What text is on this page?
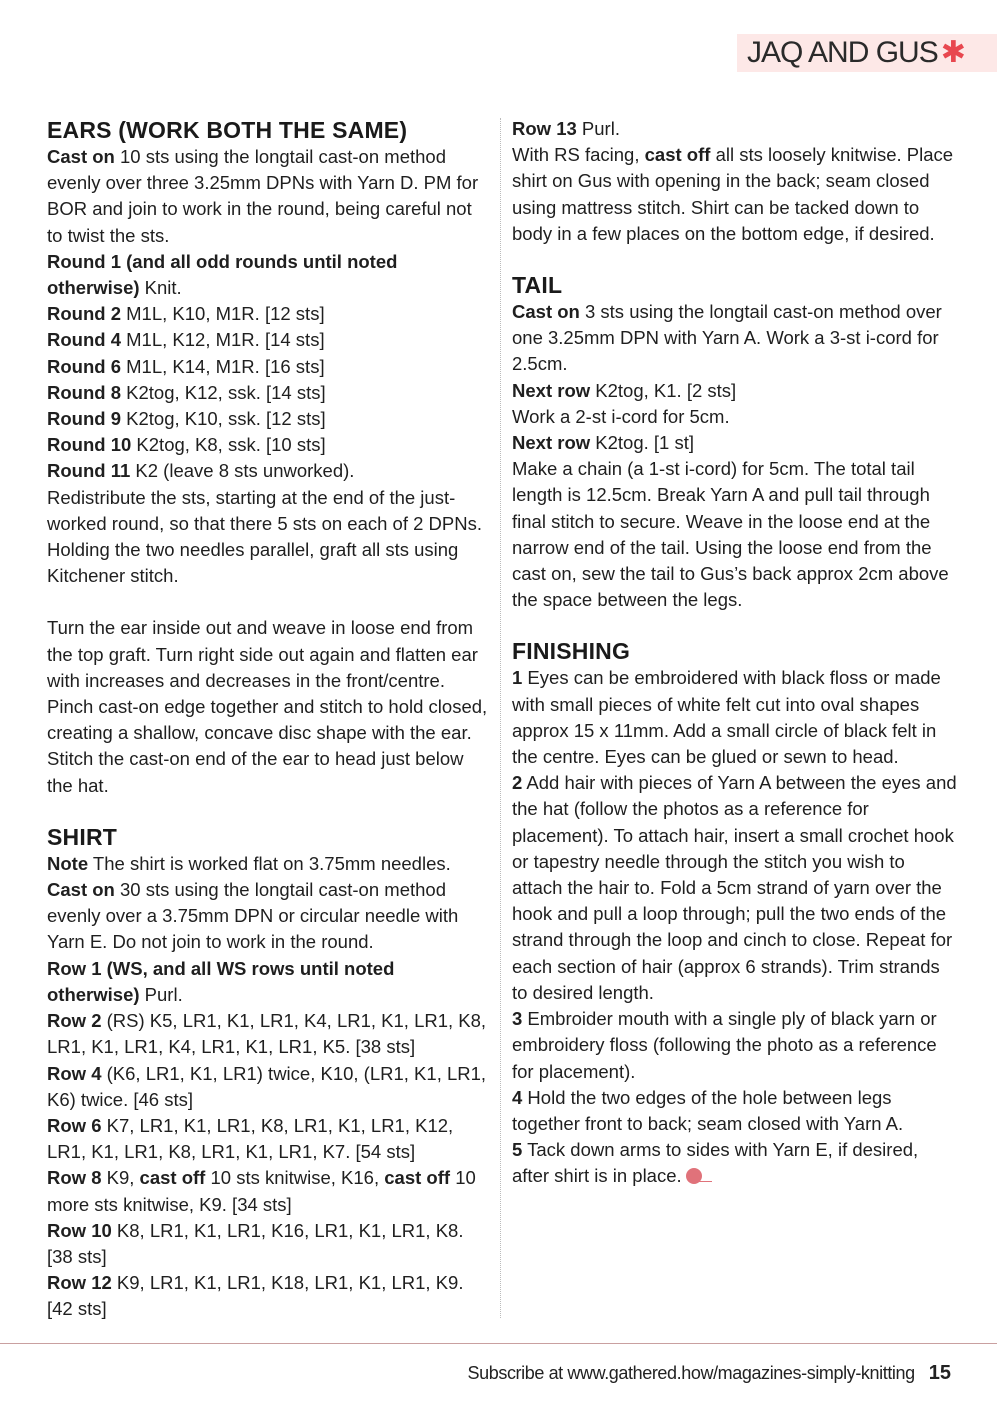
JAQ AND GUS ✱
EARS (WORK BOTH THE SAME)

Cast on 10 sts using the longtail cast-on method evenly over three 3.25mm DPNs with Yarn D. PM for BOR and join to work in the round, being careful not to twist the sts.

Round 1 (and all odd rounds until noted otherwise) Knit.

Round 2 M1L, K10, M1R. [12 sts]

Round 4 M1L, K12, M1R. [14 sts]

Round 6 M1L, K14, M1R. [16 sts]

Round 8 K2tog, K12, ssk. [14 sts]

Round 9 K2tog, K10, ssk. [12 sts]

Round 10 K2tog, K8, ssk. [10 sts]

Round 11 K2 (leave 8 sts unworked).

Redistribute the sts, starting at the end of the just-worked round, so that there 5 sts on each of 2 DPNs. Holding the two needles parallel, graft all sts using Kitchener stitch.

Turn the ear inside out and weave in loose end from the top graft. Turn right side out again and flatten ear with increases and decreases in the front/centre. Pinch cast-on edge together and stitch to hold closed, creating a shallow, concave disc shape with the ear. Stitch the cast-on end of the ear to head just below the hat.

SHIRT

Note The shirt is worked flat on 3.75mm needles.

Cast on 30 sts using the longtail cast-on method evenly over a 3.75mm DPN or circular needle with Yarn E. Do not join to work in the round.

Row 1 (WS, and all WS rows until noted otherwise) Purl.

Row 2 (RS) K5, LR1, K1, LR1, K4, LR1, K1, LR1, K8, LR1, K1, LR1, K4, LR1, K1, LR1, K5. [38 sts]

Row 4 (K6, LR1, K1, LR1) twice, K10, (LR1, K1, LR1, K6) twice. [46 sts]

Row 6 K7, LR1, K1, LR1, K8, LR1, K1, LR1, K12, LR1, K1, LR1, K8, LR1, K1, LR1, K7. [54 sts]

Row 8 K9, cast off 10 sts knitwise, K16, cast off 10 more sts knitwise, K9. [34 sts]

Row 10 K8, LR1, K1, LR1, K16, LR1, K1, LR1, K8. [38 sts]

Row 12 K9, LR1, K1, LR1, K18, LR1, K1, LR1, K9. [42 sts]

Row 13 Purl.

With RS facing, cast off all sts loosely knitwise. Place shirt on Gus with opening in the back; seam closed using mattress stitch. Shirt can be tacked down to body in a few places on the bottom edge, if desired.

TAIL

Cast on 3 sts using the longtail cast-on method over one 3.25mm DPN with Yarn A. Work a 3-st i-cord for 2.5cm.

Next row K2tog, K1. [2 sts]

Work a 2-st i-cord for 5cm.

Next row K2tog. [1 st]

Make a chain (a 1-st i-cord) for 5cm. The total tail length is 12.5cm. Break Yarn A and pull tail through final stitch to secure. Weave in the loose end at the narrow end of the tail. Using the loose end from the cast on, sew the tail to Gus’s back approx 2cm above the space between the legs.

FINISHING

1 Eyes can be embroidered with black floss or made with small pieces of white felt cut into oval shapes approx 15 x 11mm. Add a small circle of black felt in the centre. Eyes can be glued or sewn to head.

2 Add hair with pieces of Yarn A between the eyes and the hat (follow the photos as a reference for placement). To attach hair, insert a small crochet hook or tapestry needle through the stitch you wish to attach the hair to. Fold a 5cm strand of yarn over the hook and pull a loop through; pull the two ends of the strand through the loop and cinch to close. Repeat for each section of hair (approx 6 strands). Trim strands to desired length.

3 Embroider mouth with a single ply of black yarn or embroidery floss (following the photo as a reference for placement).

4 Hold the two edges of the hole between legs together front to back; seam closed with Yarn A.

5 Tack down arms to sides with Yarn E, if desired, after shirt is in place.

Subscribe at www.gathered.how/magazines-simply-knitting 15
